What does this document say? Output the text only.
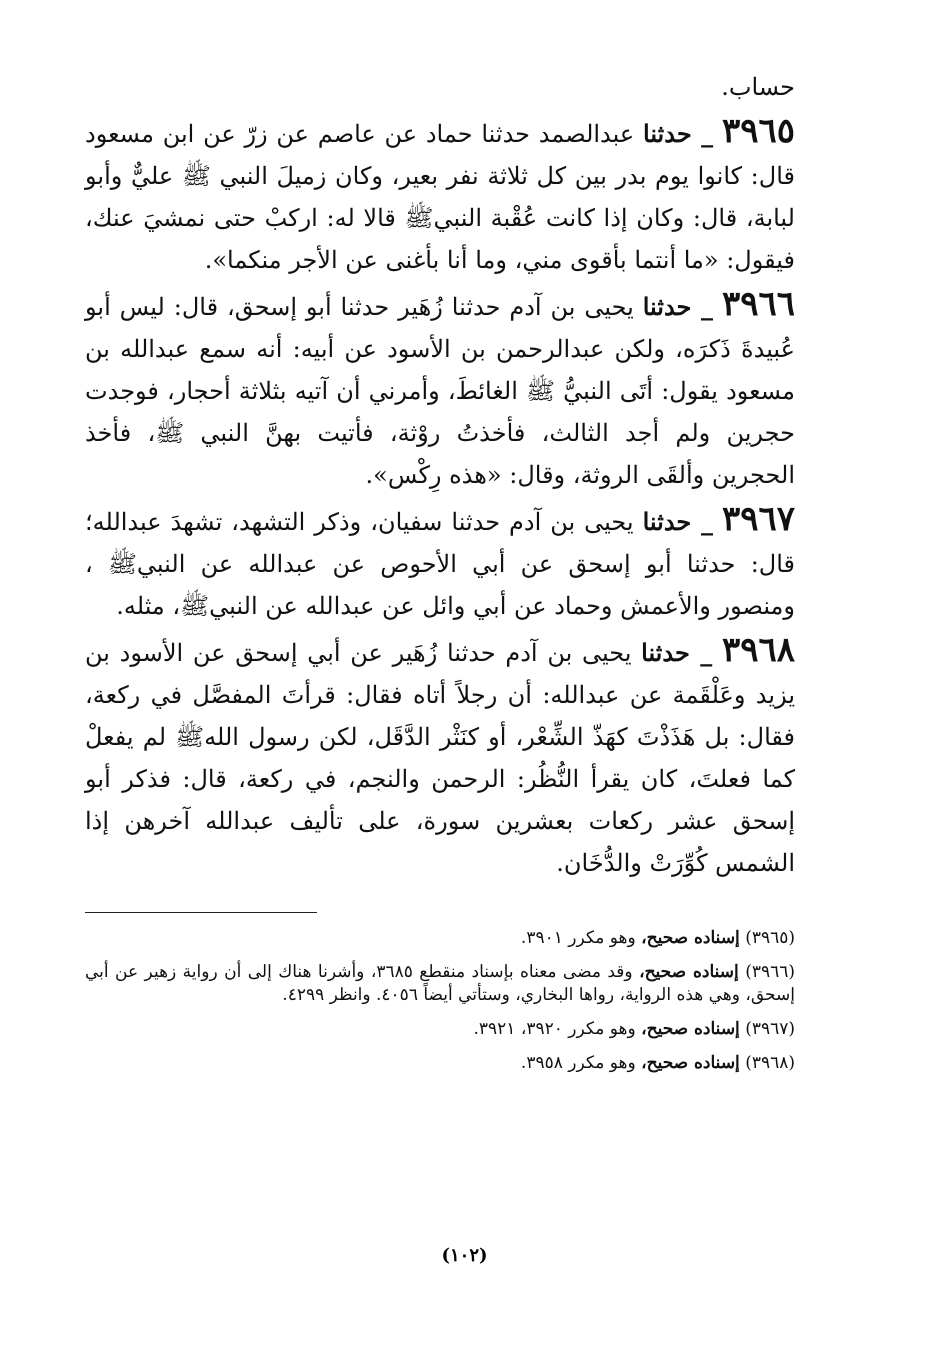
حساب.

٣٩٦٥ _ حدثنا عبدالصمد حدثنا حماد عن عاصم عن زرّ عن ابن مسعود قال: كانوا يوم بدر بين كل ثلاثة نفر بعير، وكان زميلَ النبي ﷺ عليٌّ وأبو لبابة، قال: وكان إذا كانت عُقْبة النبيﷺ قالا له: اركبْ حتى نمشيَ عنك، فيقول: «ما أنتما بأقوى مني، وما أنا بأغنى عن الأجر منكما».

٣٩٦٦ _ حدثنا يحيى بن آدم حدثنا زُهَير حدثنا أبو إسحق، قال: ليس أبو عُبيدةَ ذَكرَه، ولكن عبدالرحمن بن الأسود عن أبيه: أنه سمع عبدالله بن مسعود يقول: أتَى النبيُّ ﷺ الغائطَ، وأمرني أن آتيه بثلاثة أحجار، فوجدت حجرين ولم أجد الثالث، فأخذتُ روْثة، فأتيت بهنَّ النبي ﷺ، فأخذ الحجرين وألقَى الروثة، وقال: «هذه رِكْس».

٣٩٦٧ _ حدثنا يحيى بن آدم حدثنا سفيان، وذكر التشهد، تشهدَ عبدالله؛ قال: حدثنا أبو إسحق عن أبي الأحوص عن عبدالله عن النبيﷺ ، ومنصور والأعمش وحماد عن أبي وائل عن عبدالله عن النبيﷺ، مثله.

٣٩٦٨ _ حدثنا يحيى بن آدم حدثنا زُهَير عن أبي إسحق عن الأسود بن يزيد وعَلْقَمة عن عبدالله: أن رجلاً أتاه فقال: قرأتَ المفصَّل في ركعة، فقال: بل هَذَذْتَ كهَذّ الشِّعْر، أو كنَثْر الدَّقَل، لكن رسول اللهﷺ لم يفعلْ كما فعلتَ، كان يقرأ النُّظُر: الرحمن والنجم، في ركعة، قال: فذكر أبو إسحق عشر ركعات بعشرين سورة، على تأليف عبدالله آخرهن إذا الشمس كُوِّرَتْ والدُّخَان.

(٣٩٦٥) إسناده صحيح، وهو مكرر ٣٩٠١.

(٣٩٦٦) إسناده صحيح، وقد مضى معناه بإسناد منقطع ٣٦٨٥، وأشرنا هناك إلى أن رواية زهير عن أبي إسحق، وهي هذه الرواية، رواها البخاري، وستأتي أيضاً ٤٠٥٦. وانظر ٤٢٩٩.

(٣٩٦٧) إسناده صحيح، وهو مكرر ٣٩٢٠، ٣٩٢١.

(٣٩٦٨) إسناده صحيح، وهو مكرر ٣٩٥٨.

(١٠٢)
